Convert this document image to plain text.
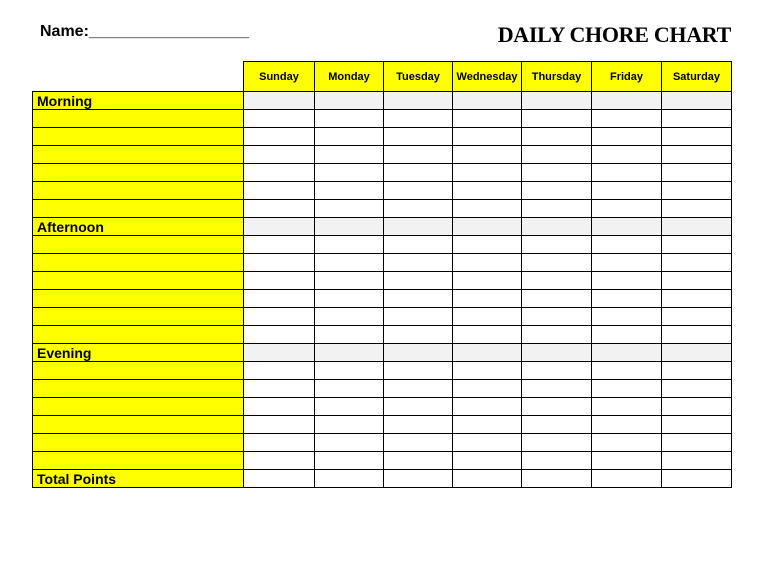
Name:__________________	DAILY CHORE CHART
	Sunday	Monday	Tuesday	Wednesday	Thursday	Friday	Saturday
Morning							

Afternoon							

Evening							

Total Points							
